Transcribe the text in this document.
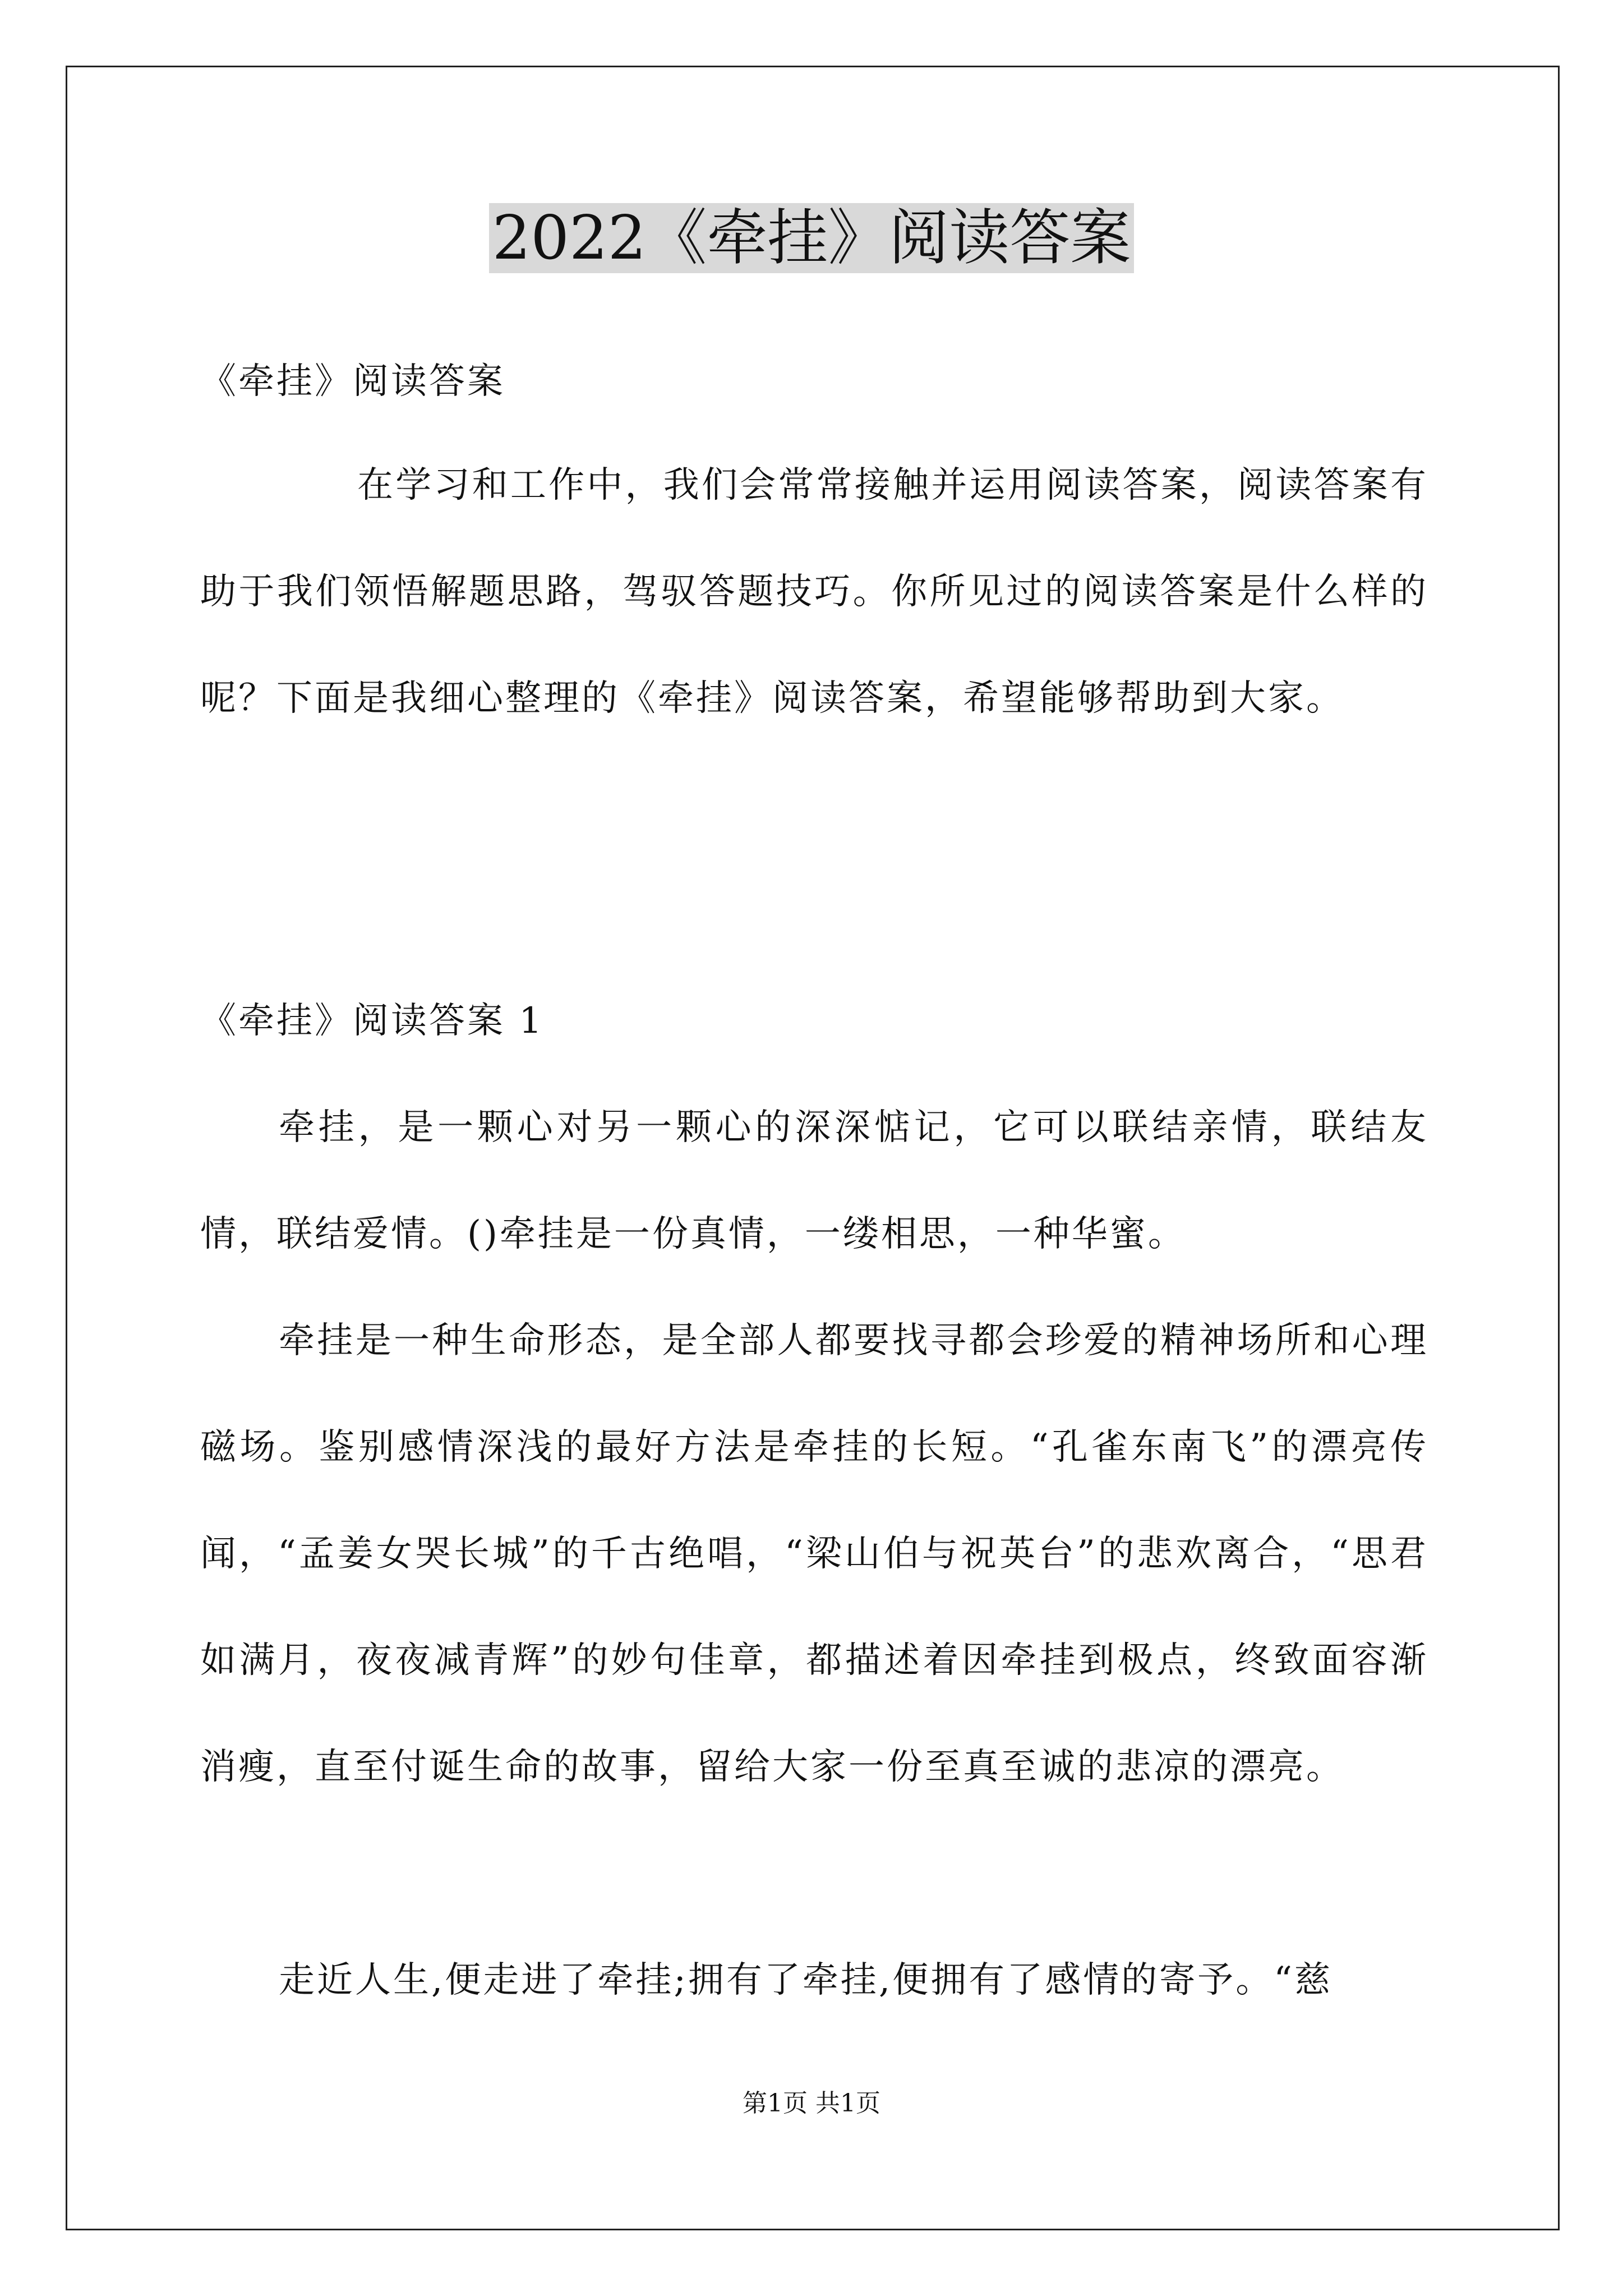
2022《牵挂》阅读答案
《牵挂》阅读答案
在学习和工作中，我们会常常接触并运用阅读答案，阅读答案有助于我们领悟解题思路，驾驭答题技巧。你所见过的阅读答案是什么样的呢？下面是我细心整理的《牵挂》阅读答案，希望能够帮助到大家。
《牵挂》阅读答案 1
牵挂，是一颗心对另一颗心的深深惦记，它可以联结亲情，联结友情，联结爱情。()牵挂是一份真情，一缕相思，一种华蜜。
牵挂是一种生命形态，是全部人都要找寻都会珍爱的精神场所和心理磁场。鉴别感情深浅的最好方法是牵挂的长短。“孔雀东南飞”的漂亮传闻，“孟姜女哭长城”的千古绝唱，“梁山伯与祝英台”的悲欢离合，“思君如满月，夜夜减青辉”的妙句佳章，都描述着因牵挂到极点，终致面容渐消瘦，直至付诞生命的故事，留给大家一份至真至诚的悲凉的漂亮。
走近人生,便走进了牵挂;拥有了牵挂,便拥有了感情的寄予。“慈
第1页 共1页
